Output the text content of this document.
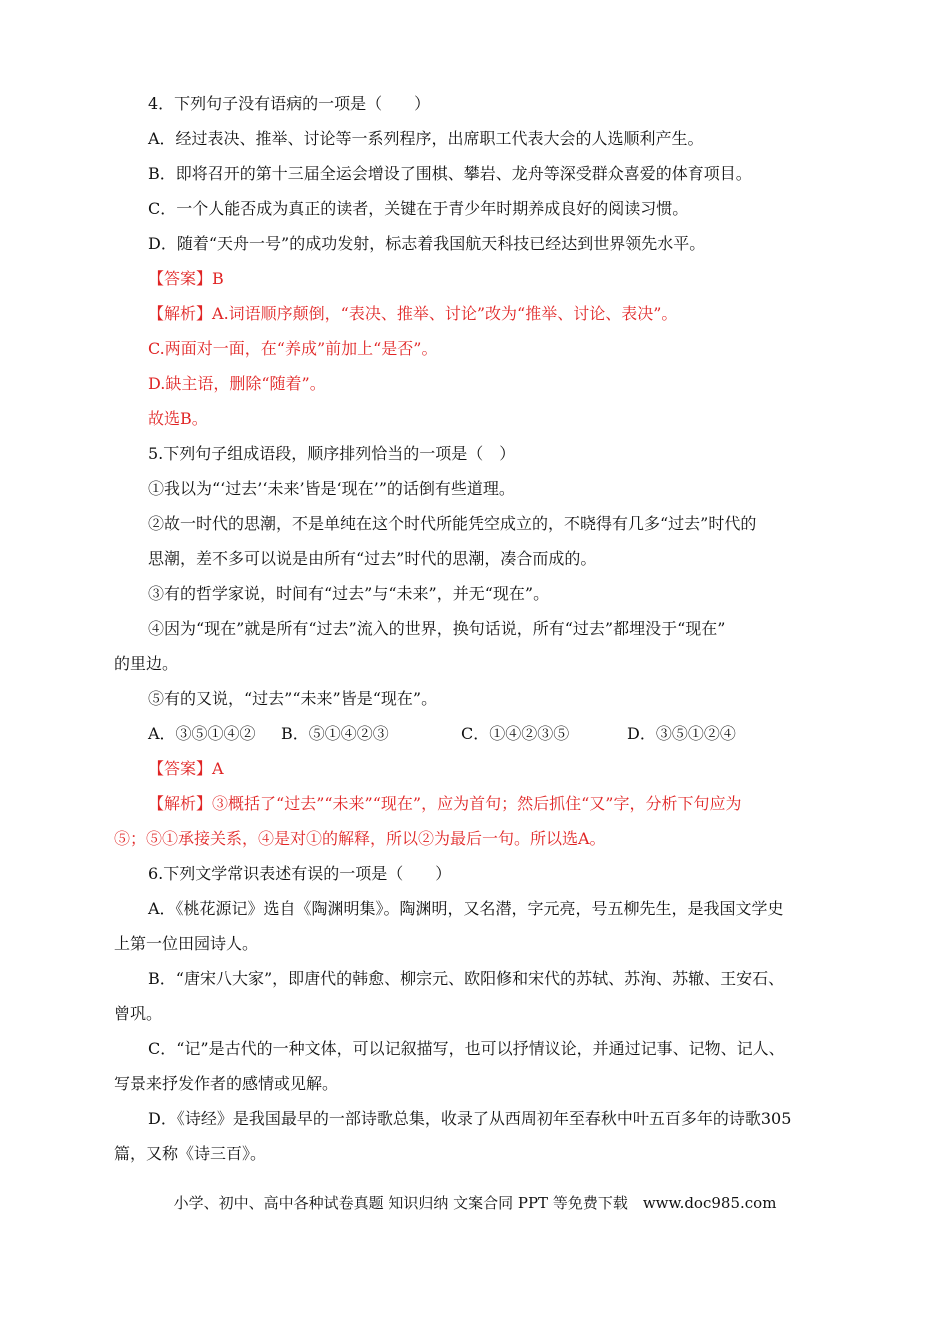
4．下列句子没有语病的一项是（　　）
A．经过表决、推举、讨论等一系列程序，出席职工代表大会的人选顺利产生。
B．即将召开的第十三届全运会增设了围棋、攀岩、龙舟等深受群众喜爱的体育项目。
C．一个人能否成为真正的读者，关键在于青少年时期养成良好的阅读习惯。
D．随着“天舟一号”的成功发射，标志着我国航天科技已经达到世界领先水平。
【答案】B
【解析】A.词语顺序颠倒，“表决、推举、讨论”改为“推举、讨论、表决”。
C.两面对一面，在“养成”前加上“是否”。
D.缺主语，删除“随着”。
故选B。
5.下列句子组成语段，顺序排列恰当的一项是（　）
①我以为“‘过去’‘未来’皆是‘现在’”的话倒有些道理。
②故一时代的思潮，不是单纯在这个时代所能凭空成立的，不晓得有几多“过去”时代的
思潮，差不多可以说是由所有“过去”时代的思潮，凑合而成的。
③有的哲学家说，时间有“过去”与“未来”，并无“现在”。
④因为“现在”就是所有“过去”流入的世界，换句话说，所有“过去”都埋没于“现在”
的里边。
⑤有的又说，“过去”“未来”皆是“现在”。
A．③⑤①④② B．⑤①④②③	C．①④②③⑤	D．③⑤①②④
【答案】A
【解析】③概括了“过去”“未来”“现在”，应为首句；然后抓住“又”字，分析下句应为
⑤；⑤①承接关系，④是对①的解释，所以②为最后一句。所以选A。
6.下列文学常识表述有误的一项是（　　）
A．《桃花源记》选自《陶渊明集》。陶渊明，又名潜，字元亮，号五柳先生，是我国文学史
上第一位田园诗人。
B．“唐宋八大家”，即唐代的韩愈、柳宗元、欧阳修和宋代的苏轼、苏洵、苏辙、王安石、
曾巩。
C．“记”是古代的一种文体，可以记叙描写，也可以抒情议论，并通过记事、记物、记人、
写景来抒发作者的感情或见解。
D．《诗经》是我国最早的一部诗歌总集，收录了从西周初年至春秋中叶五百多年的诗歌305
篇，又称《诗三百》。
小学、初中、高中各种试卷真题 知识归纳 文案合同 PPT 等免费下载　www.doc985.com
